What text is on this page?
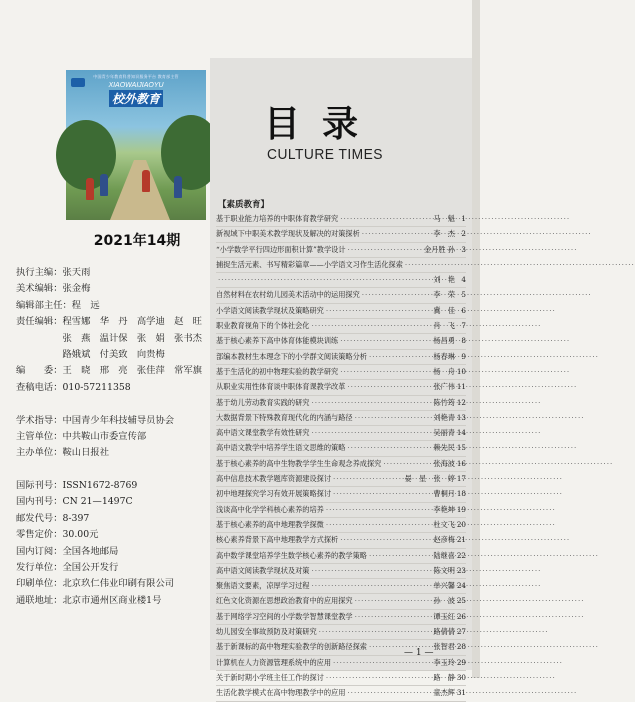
中国青少年教育科普知识服务平台 教育部主管
XIAOWAIJIAOYU
校外教育
2021年14期
执行主编：张天雨
美术编辑：张金梅
编辑部主任：程　远
责任编辑：程雪娜　华　丹　高学迪　赵　旺
　　　　　张　燕　温计保　张　娟　张书杰
　　　　　路娥斌　付美致　向贵梅
编　　委：王　晓　邢　亮　张佳萍　常军旗
查稿电话：010-57211358
学术指导：中国青少年科技辅导员协会
主管单位：中共鞍山市委宣传部
主办单位：鞍山日报社
国际刊号：ISSN1672-8769
国内刊号：CN 21—1497C
邮发代号：8-397
零售定价：30.00元
国内订阅：全国各地邮局
发行单位：全国公开发行
印刷单位：北京玖仁伟业印刷有限公司
通联地址：北京市通州区商业楼1号
目录
CULTURE TIMES
【素质教育】
基于职业能力培养的中职体育教学研究 ·····	马　魁 1
新视域下中职美术教学现状及解决的对策探析 ·····	李　杰 2
“小学数学平行四边形面积计算”教学设计 ·····	金月胜 孙 3
捕捉生活元素、书写精彩篇章——小学语文习作生活化探索
·····
·····
刘　艳 4
自然材料在农村幼儿园美术活动中的运用探究 ·····	李　荣 5
小学语文阅读教学现状及策略研究 ·····	冀　佳 6
职业教育视角下的个体社会化 ·····	肖　飞 7
基于核心素养下高中体育体能模块训练 ·····	杨昌勇 8
部编本教材生本理念下的小学群文阅读策略分析 ·····	杨春琳 9
基于生活化的初中物理实验的教学研究 ·····	杨　舟 10
从职业实用性体育谈中职体育课教学改革 ·····	张广伟 11
基于幼儿劳动教育实践的研究 ·····	陈竹筠 12
大数据背景下特殊教育现代化的内涵与路径 ·····	刘艳青 13
高中语文课堂教学有效性研究 ·····	吴丽青 14
高中语文教学中培养学生语文思维的策略 ·····	赖先民 15
基于核心素养的高中生物教学学生生命观念养成探究 ·····	张海波 16
高中信息技术教学题库资源建设探讨 ·····	晏　星　张　婷 17
初中地理探究学习有效开展策略探讨 ·····	曹桐月 18
浅谈高中化学学科核心素养的培养 ·····	李艳坤 19
基于核心素养的高中地理教学探微 ·····	杜文飞 20
核心素养背景下高中地理教学方式探析 ·····	赵彦梅 21
高中数学课堂培养学生数学核心素养的教学策略 ·····	陆继喜 22
高中语文阅读教学现状及对策 ·····	陈文明 23
聚焦语文要素，凉厚学习过程 ·····	单兴馨 24
红色文化资源在思想政治教育中的应用探究 ·····	孙　波 25
基于网络学习空间的小学数学智慧课堂教学 ·····	谭玉红 26
幼儿园安全事故预防及对策研究 ·····	路倩倩 27
基于新课标的高中物理实验教学的创新路径探索 ·····	张智君 28
计算机在人力资源管理系统中的应用 ·····	李玉玲 29
关于新时期小学班主任工作的探讨 ·····	路　静 30
生活化教学模式在高中物理教学中的应用 ·····	童杰辉 31
— 1 —
